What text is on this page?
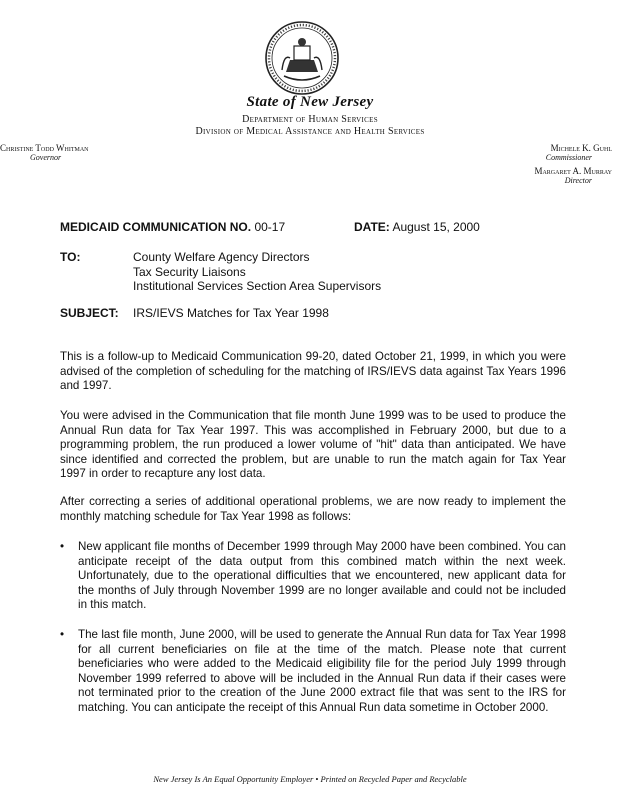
State of New Jersey
Department of Human Services
Division of Medical Assistance and Health Services
Christine Todd Whitman
Governor
Michele K. Guhl
Commissioner
Margaret A. Murray
Director
MEDICAID COMMUNICATION NO. 00-17	DATE: August 15, 2000
TO:	County Welfare Agency Directors
Tax Security Liaisons
Institutional Services Section Area Supervisors
SUBJECT: IRS/IEVS Matches for Tax Year 1998
This is a follow-up to Medicaid Communication 99-20, dated October 21, 1999, in which you were advised of the completion of scheduling for the matching of IRS/IEVS data against Tax Years 1996 and 1997.
You were advised in the Communication that file month June 1999 was to be used to produce the Annual Run data for Tax Year 1997. This was accomplished in February 2000, but due to a programming problem, the run produced a lower volume of "hit" data than anticipated. We have since identified and corrected the problem, but are unable to run the match again for Tax Year 1997 in order to recapture any lost data.
After correcting a series of additional operational problems, we are now ready to implement the monthly matching schedule for Tax Year 1998 as follows:
•	New applicant file months of December 1999 through May 2000 have been combined. You can anticipate receipt of the data output from this combined match within the next week. Unfortunately, due to the operational difficulties that we encountered, new applicant data for the months of July through November 1999 are no longer available and could not be included in this match.
•	The last file month, June 2000, will be used to generate the Annual Run data for Tax Year 1998 for all current beneficiaries on file at the time of the match. Please note that current beneficiaries who were added to the Medicaid eligibility file for the period July 1999 through November 1999 referred to above will be included in the Annual Run data if their cases were not terminated prior to the creation of the June 2000 extract file that was sent to the IRS for matching. You can anticipate the receipt of this Annual Run data sometime in October 2000.
New Jersey Is An Equal Opportunity Employer • Printed on Recycled Paper and Recyclable
